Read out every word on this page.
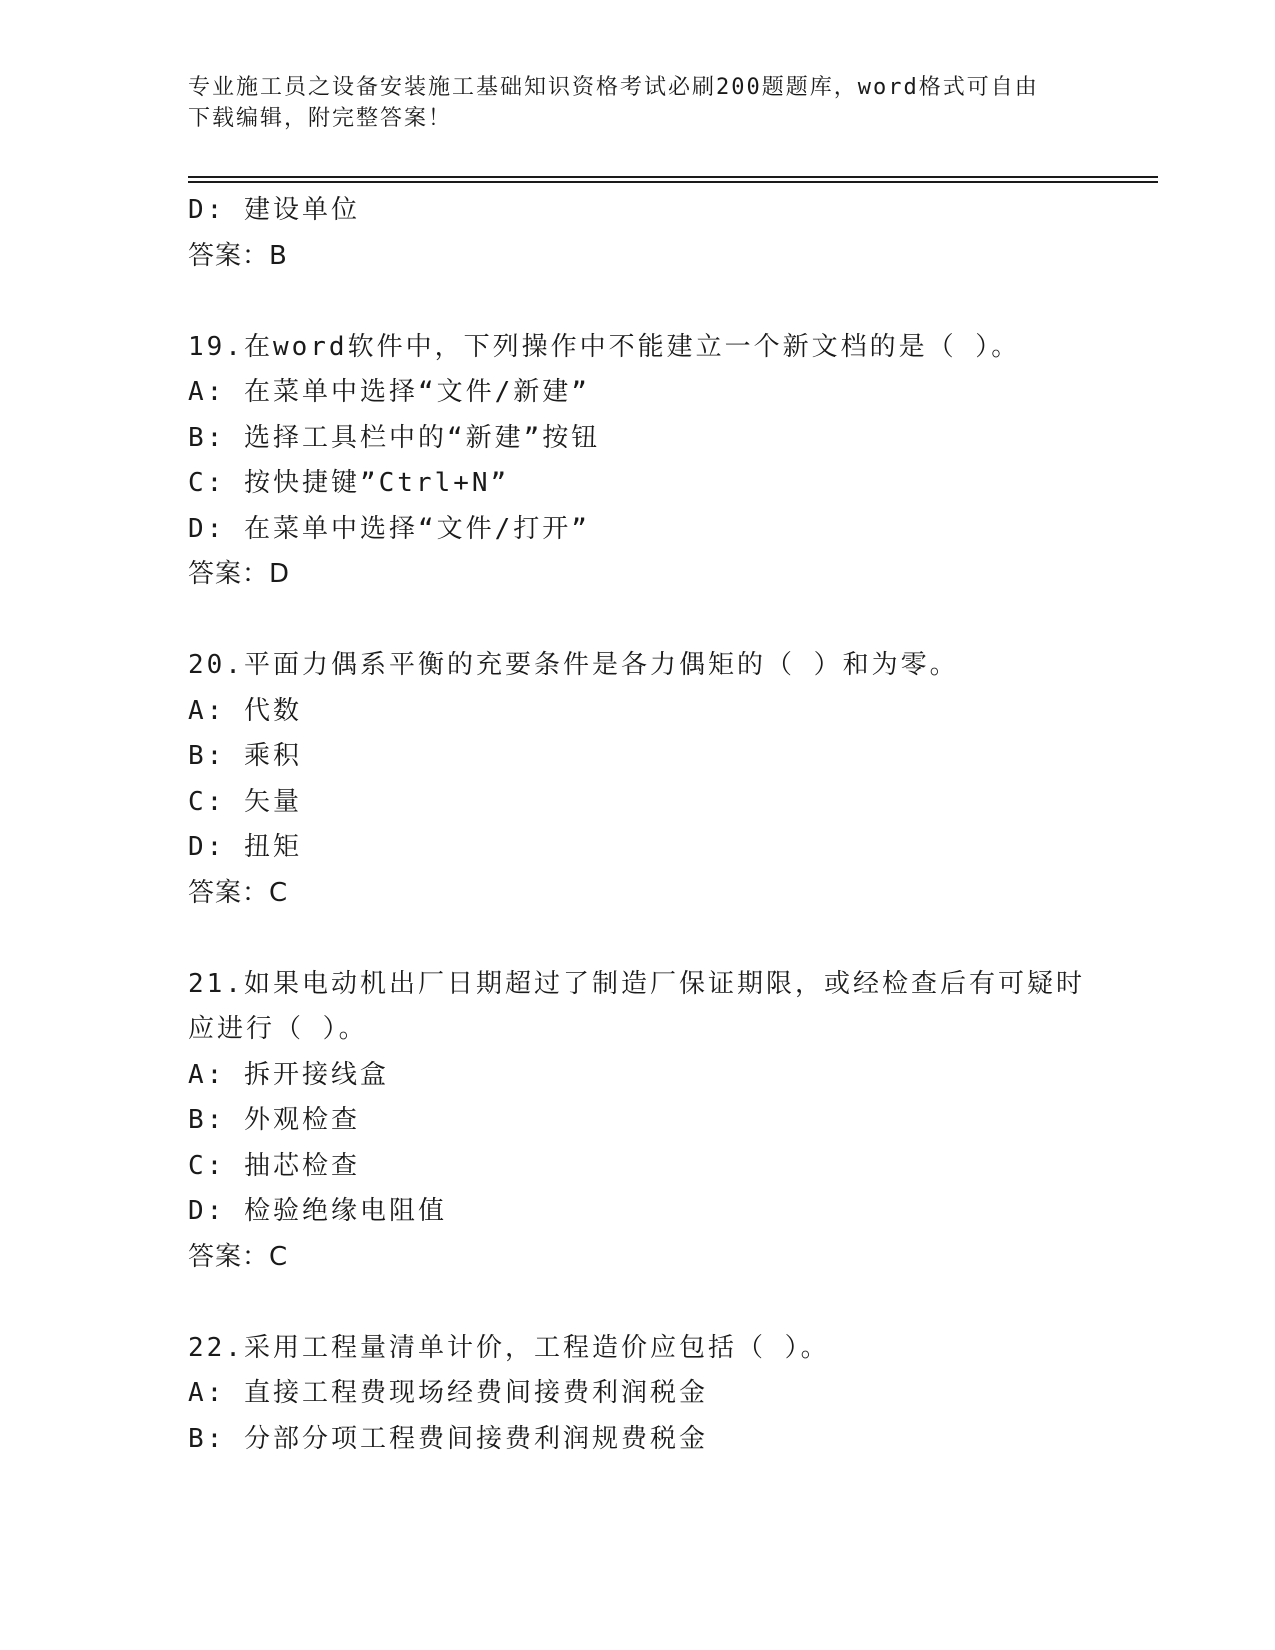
专业施工员之设备安装施工基础知识资格考试必刷200题题库，word格式可自由
下载编辑，附完整答案！
D: 建设单位
答案：B
19.在word软件中，下列操作中不能建立一个新文档的是（ ）。
A: 在菜单中选择“文件/新建”
B: 选择工具栏中的“新建”按钮
C: 按快捷键”Ctrl+N”
D: 在菜单中选择“文件/打开”
答案：D
20.平面力偶系平衡的充要条件是各力偶矩的（ ）和为零。
A: 代数
B: 乘积
C: 矢量
D: 扭矩
答案：C
21.如果电动机出厂日期超过了制造厂保证期限，或经检查后有可疑时
应进行（ ）。
A: 拆开接线盒
B: 外观检查
C: 抽芯检查
D: 检验绝缘电阻值
答案：C
22.采用工程量清单计价，工程造价应包括（ ）。
A: 直接工程费现场经费间接费利润税金
B: 分部分项工程费间接费利润规费税金
